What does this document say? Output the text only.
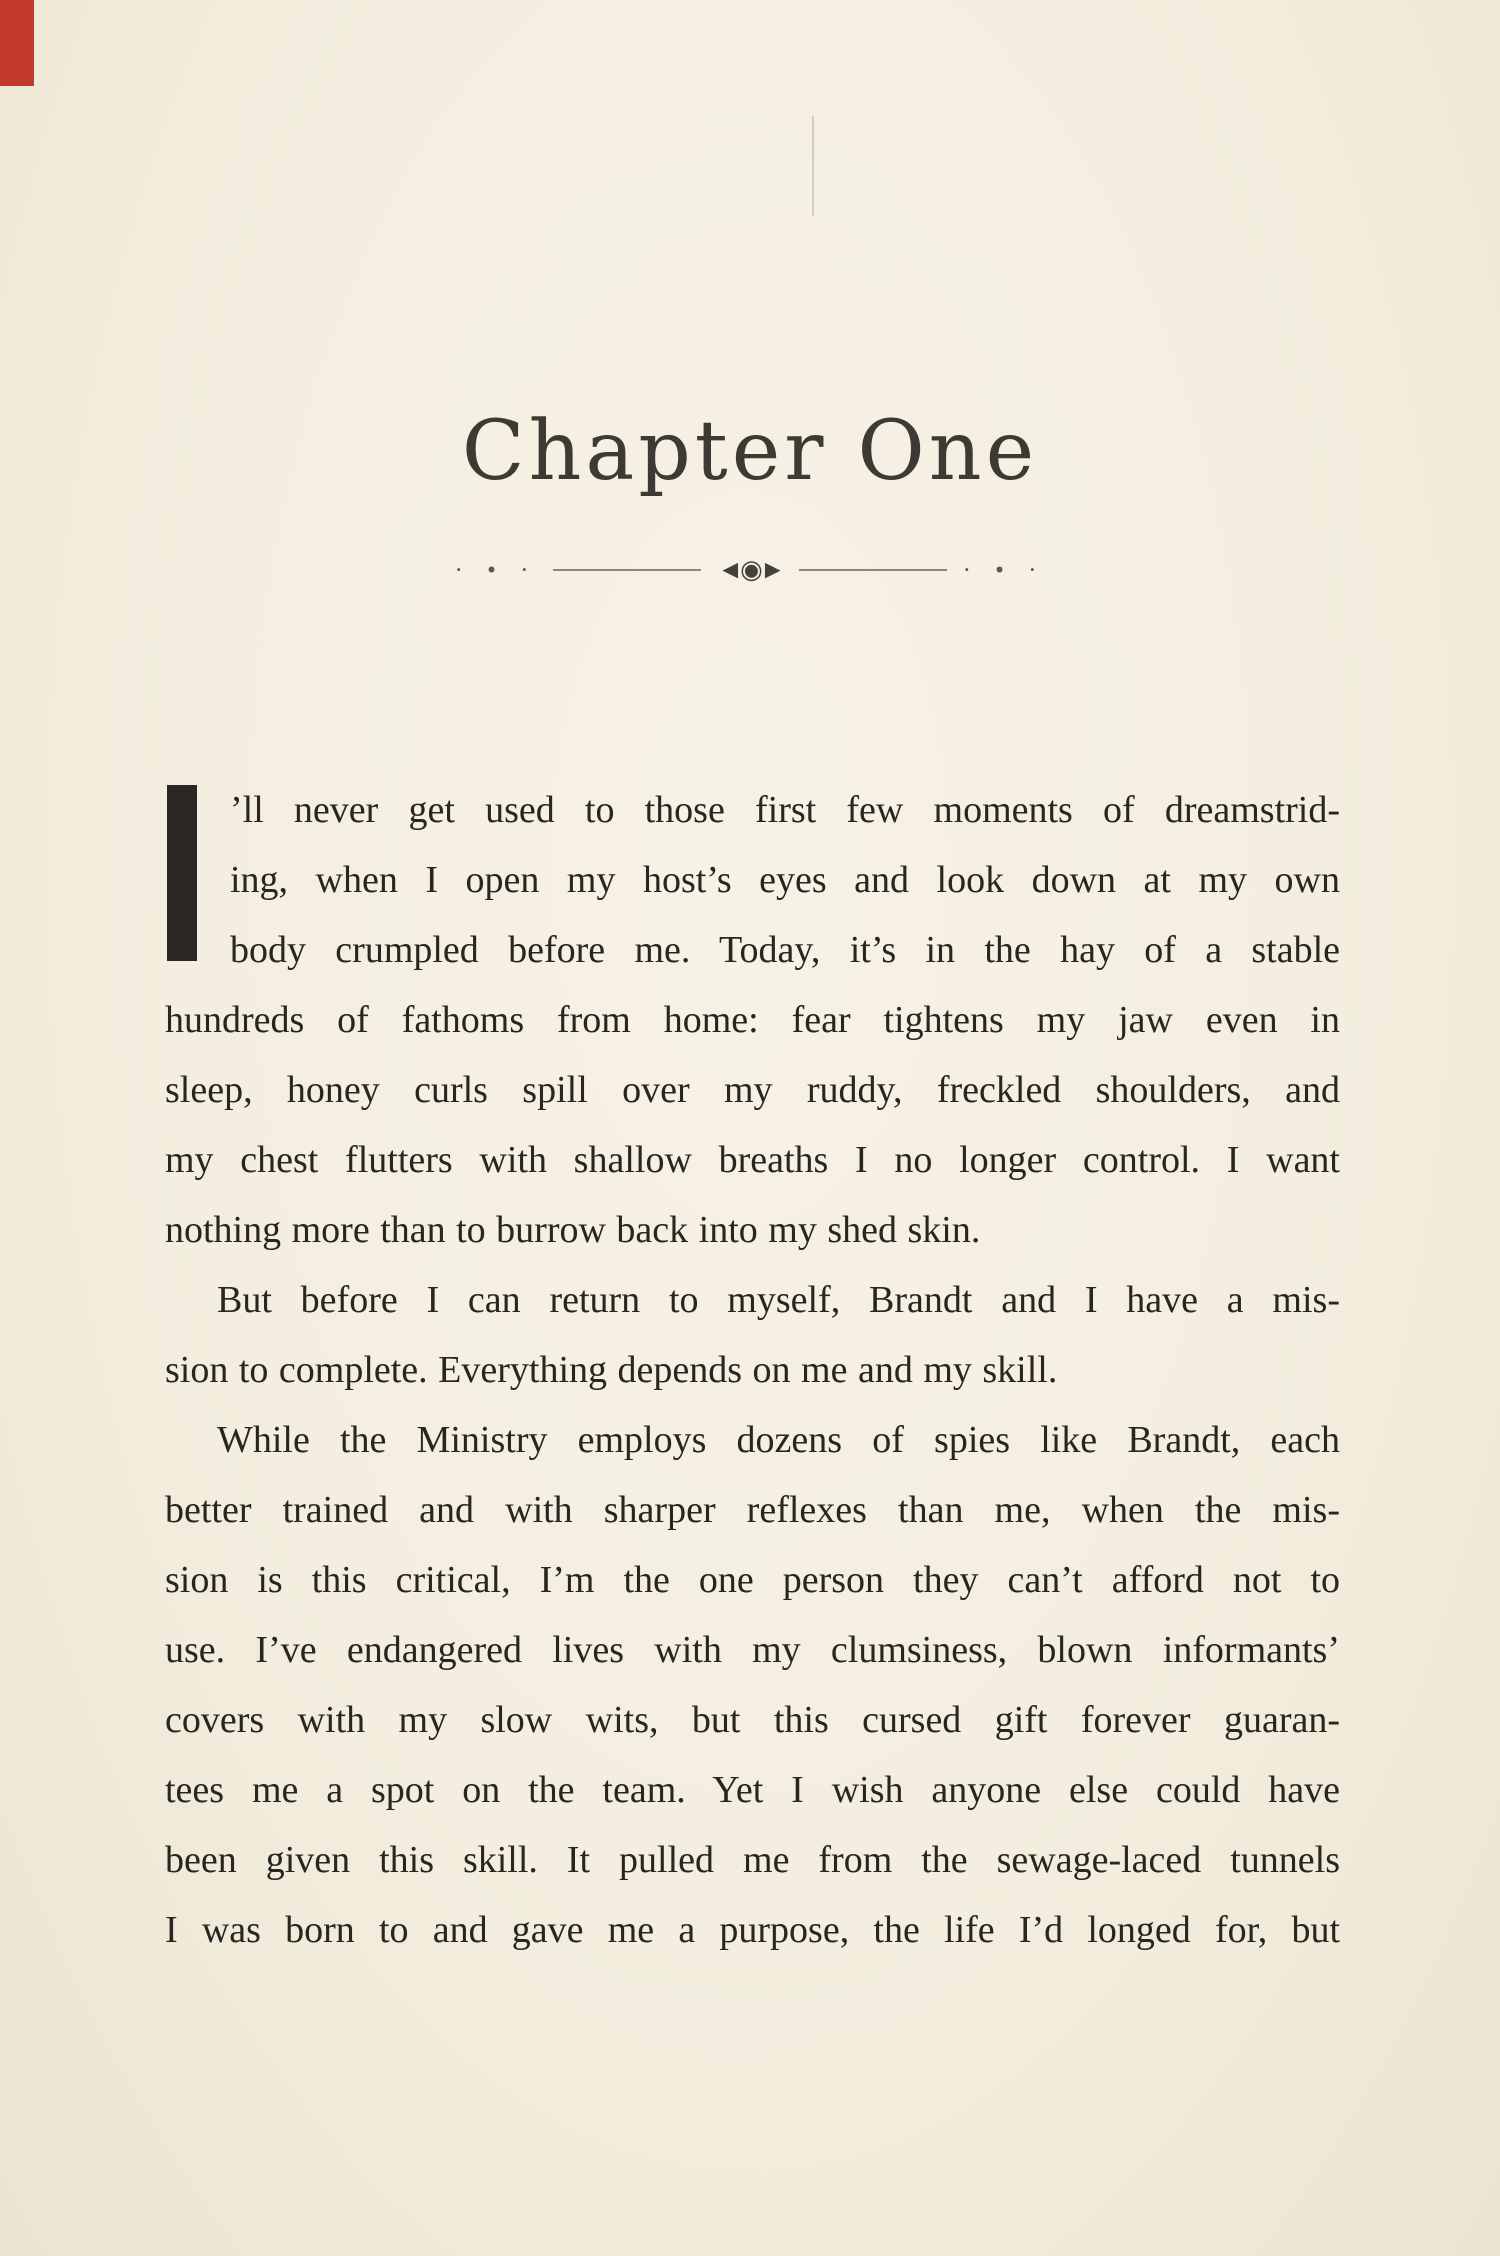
Chapter One
· • ·	◄◉►	· • ·
’ll never get used to those first few moments of dreamstrid-
ing, when I open my host’s eyes and look down at my own
body crumpled before me. Today, it’s in the hay of a stable
hundreds of fathoms from home: fear tightens my jaw even in
sleep, honey curls spill over my ruddy, freckled shoulders, and
my chest flutters with shallow breaths I no longer control. I want
nothing more than to burrow back into my shed skin.
But before I can return to myself, Brandt and I have a mis-
sion to complete. Everything depends on me and my skill.
While the Ministry employs dozens of spies like Brandt, each
better trained and with sharper reflexes than me, when the mis-
sion is this critical, I’m the one person they can’t afford not to
use. I’ve endangered lives with my clumsiness, blown informants’
covers with my slow wits, but this cursed gift forever guaran-
tees me a spot on the team. Yet I wish anyone else could have
been given this skill. It pulled me from the sewage-laced tunnels
I was born to and gave me a purpose, the life I’d longed for, but
